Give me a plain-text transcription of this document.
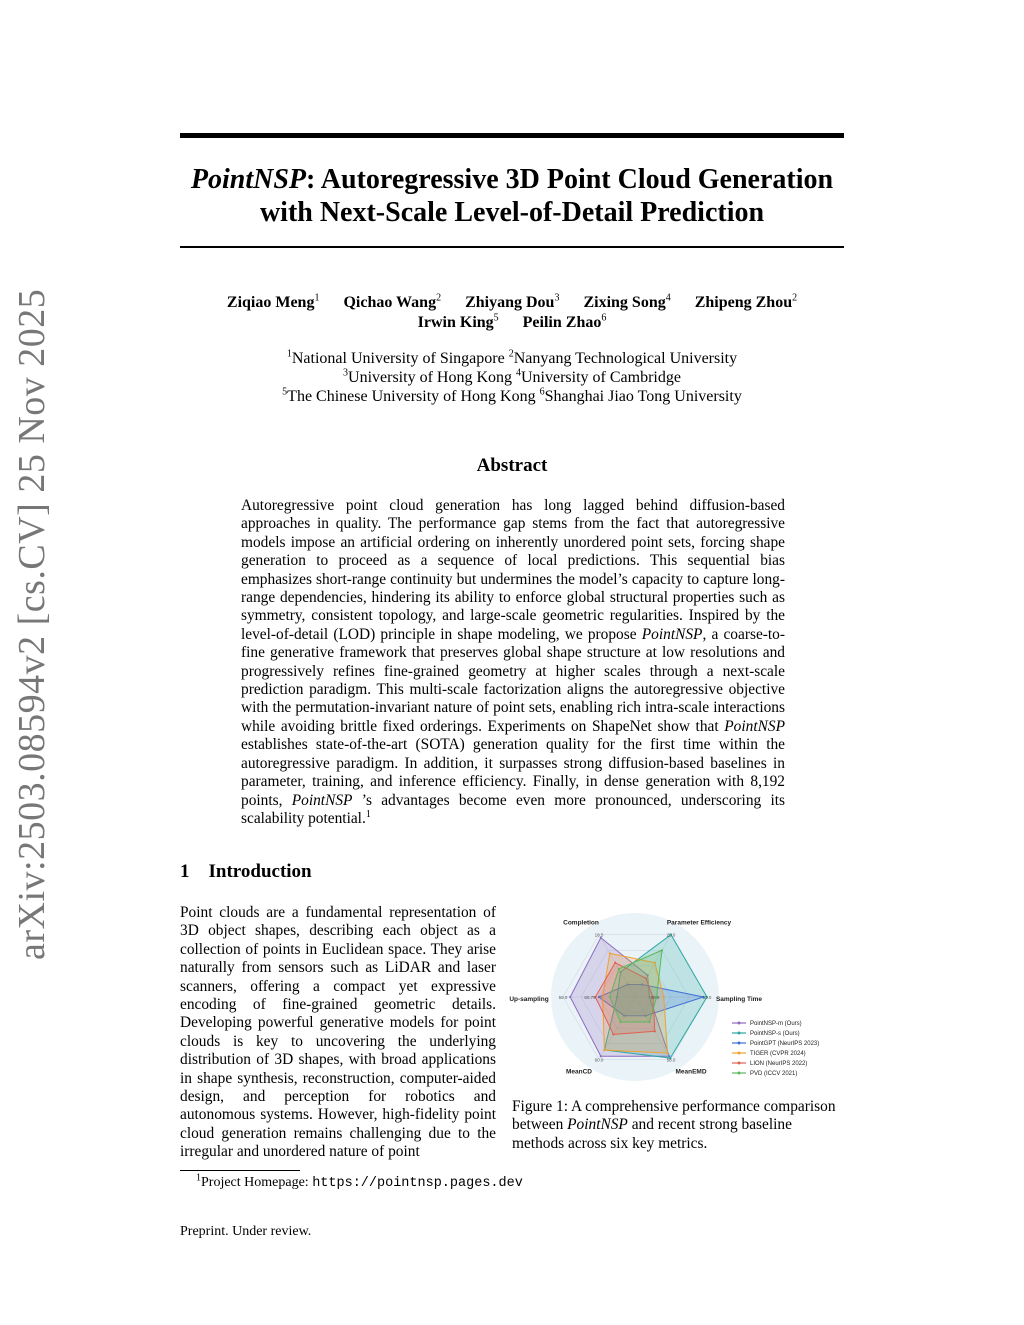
arXiv:2503.08594v2 [cs.CV] 25 Nov 2025
PointNSP: Autoregressive 3D Point Cloud Generation
with Next-Scale Level-of-Detail Prediction
Ziqiao Meng$^1$ Qichao Wang$^2$ Zhiyang Dou$^3$ Zixing Song$^4$ Zhipeng Zhou$^2$
Irwin King$^5$ Peilin Zhao$^6$
$^1$National University of Singapore $^2$Nanyang Technological University
$^3$University of Hong Kong $^4$University of Cambridge
$^5$The Chinese University of Hong Kong $^6$Shanghai Jiao Tong University
Abstract
Autoregressive point cloud generation has long lagged behind diffusion-based approaches in quality. The performance gap stems from the fact that autoregressive models impose an artificial ordering on inherently unordered point sets, forcing shape generation to proceed as a sequence of local predictions. This sequential bias emphasizes short-range continuity but undermines the model’s capacity to capture long-range dependencies, hindering its ability to enforce global structural properties such as symmetry, consistent topology, and large-scale geometric regularities. Inspired by the level-of-detail (LOD) principle in shape modeling, we propose PointNSP, a coarse-to-fine generative framework that preserves global shape structure at low resolutions and progressively refines fine-grained geometry at higher scales through a next-scale prediction paradigm. This multi-scale factorization aligns the autoregressive objective with the permutation-invariant nature of point sets, enabling rich intra-scale interactions while avoiding brittle fixed orderings. Experiments on ShapeNet show that PointNSP establishes state-of-the-art (SOTA) generation quality for the first time within the autoregressive paradigm. In addition, it surpasses strong diffusion-based baselines in parameter, training, and inference efficiency. Finally, in dense generation with 8,192 points, PointNSP ’s advantages become even more pronounced, underscoring its scalability potential.$^1$
1 Introduction
Point clouds are a fundamental representation of 3D object shapes, describing each object as a collection of points in Euclidean space. They arise naturally from sensors such as LiDAR and laser scanners, offering a compact yet expressive encoding of fine-grained geometric details. Developing powerful generative models for point clouds is key to uncovering the underlying distribution of 3D shapes, with broad applications in shape synthesis, reconstruction, computer-aided design, and perception for robotics and autonomous systems. However, high-fidelity point cloud generation remains challenging due to the irregular and unordered nature of point
Completion
18.5
Parameter Efficiency
25.0
Sampling Time
55.0
MeanEMD
58.0
MeanCD
60.0
Up-sampling 59.0	60.79	69.9
PointNSP-m (Ours)
PointNSP-s (Ours)
PointGPT (NeurIPS 2023)
TIGER (CVPR 2024)
LION (NeurIPS 2022)
PVD (ICCV 2021)
Figure 1: A comprehensive performance comparison between PointNSP and recent strong baseline methods across six key metrics.
$^1$Project Homepage: https://pointnsp.pages.dev
Preprint. Under review.
